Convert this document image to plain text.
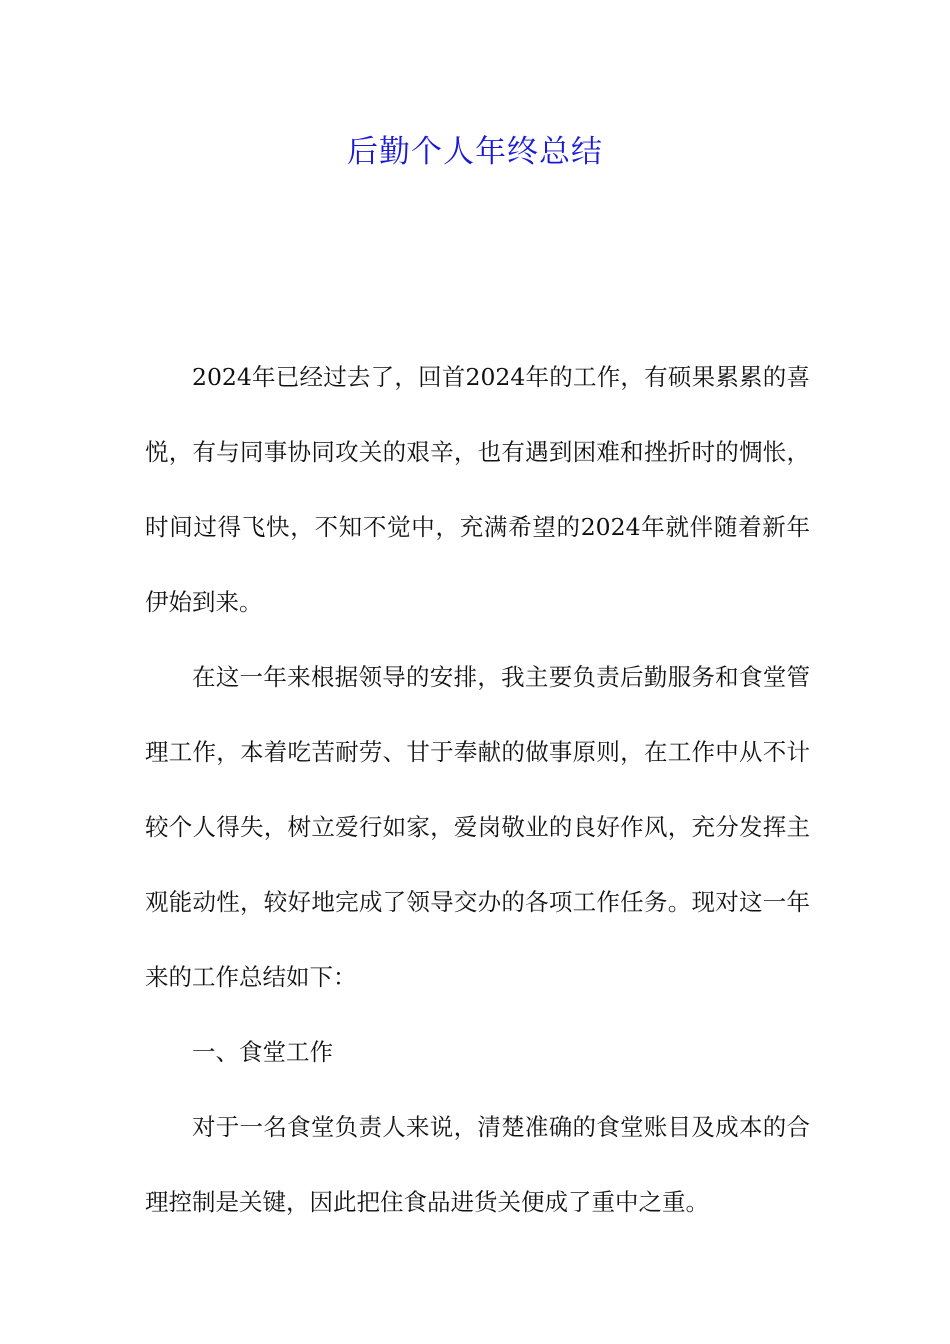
后勤个人年终总结

2024年已经过去了，回首2024年的工作，有硕果累累的喜悦，有与同事协同攻关的艰辛，也有遇到困难和挫折时的惆怅，时间过得飞快，不知不觉中，充满希望的2024年就伴随着新年伊始到来。

在这一年来根据领导的安排，我主要负责后勤服务和食堂管理工作，本着吃苦耐劳、甘于奉献的做事原则，在工作中从不计较个人得失，树立爱行如家，爱岗敬业的良好作风，充分发挥主观能动性，较好地完成了领导交办的各项工作任务。现对这一年来的工作总结如下：

一、食堂工作

对于一名食堂负责人来说，清楚准确的食堂账目及成本的合理控制是关键，因此把住食品进货关便成了重中之重。
